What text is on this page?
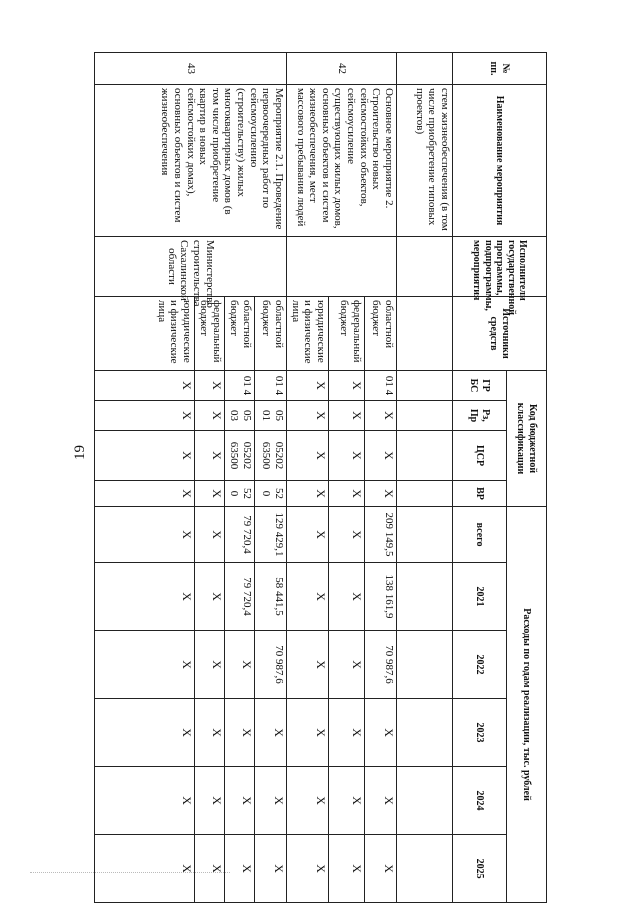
19
№ пп.	Наименование мероприятия	Исполнители государственной программы, подпрограммы, мероприятия	Источники средств	Код бюджетной классификации				Расходы по годам реализации, тыс. рублей					
				ГР БС	Рз, Пр	ЦСР	ВР	всего	2021	2022	2023	2024	2025
	стем жизнеобеспечения (в том числе приобретение типовых проектов)												
42	Основное мероприятие 2. Строительство новых сейсмостойких объектов, сейсмоусиление существующих жилых домов, основных объектов и систем жизнеобеспечения, мест массового пребывания людей		областной бюджет	01 4	Х	Х	Х	209 149,5	138 161,9	70 987,6	Х	Х	Х
			федеральный бюджет	Х	Х	Х	Х	Х	Х	Х	Х	Х	Х
			юридические и физические лица	Х	Х	Х	Х	Х	Х	Х	Х	Х	Х
43	Мероприятие 2.1. Проведение первоочередных работ по сейсмоусилению (строительству) жилых многоквартирных домов (в том числе приобретение квартир в новых сейсмостойких домах), основных объектов и систем жизнеобеспечения	Министерство строительства Сахалинской области	областной бюджет	01 4	05 01	05202 63500	52 0	129 429,1	58 441,5	70 987,6	Х	Х	Х
			областной бюджет	01 4	05 03	05202 63500	52 0	79 720,4	79 720,4	Х	Х	Х	Х
			федеральный бюджет	Х	Х	Х	Х	Х	Х	Х	Х	Х	Х
			юридические и физические лица	Х	Х	Х	Х	Х	Х	Х	Х	Х	Х
